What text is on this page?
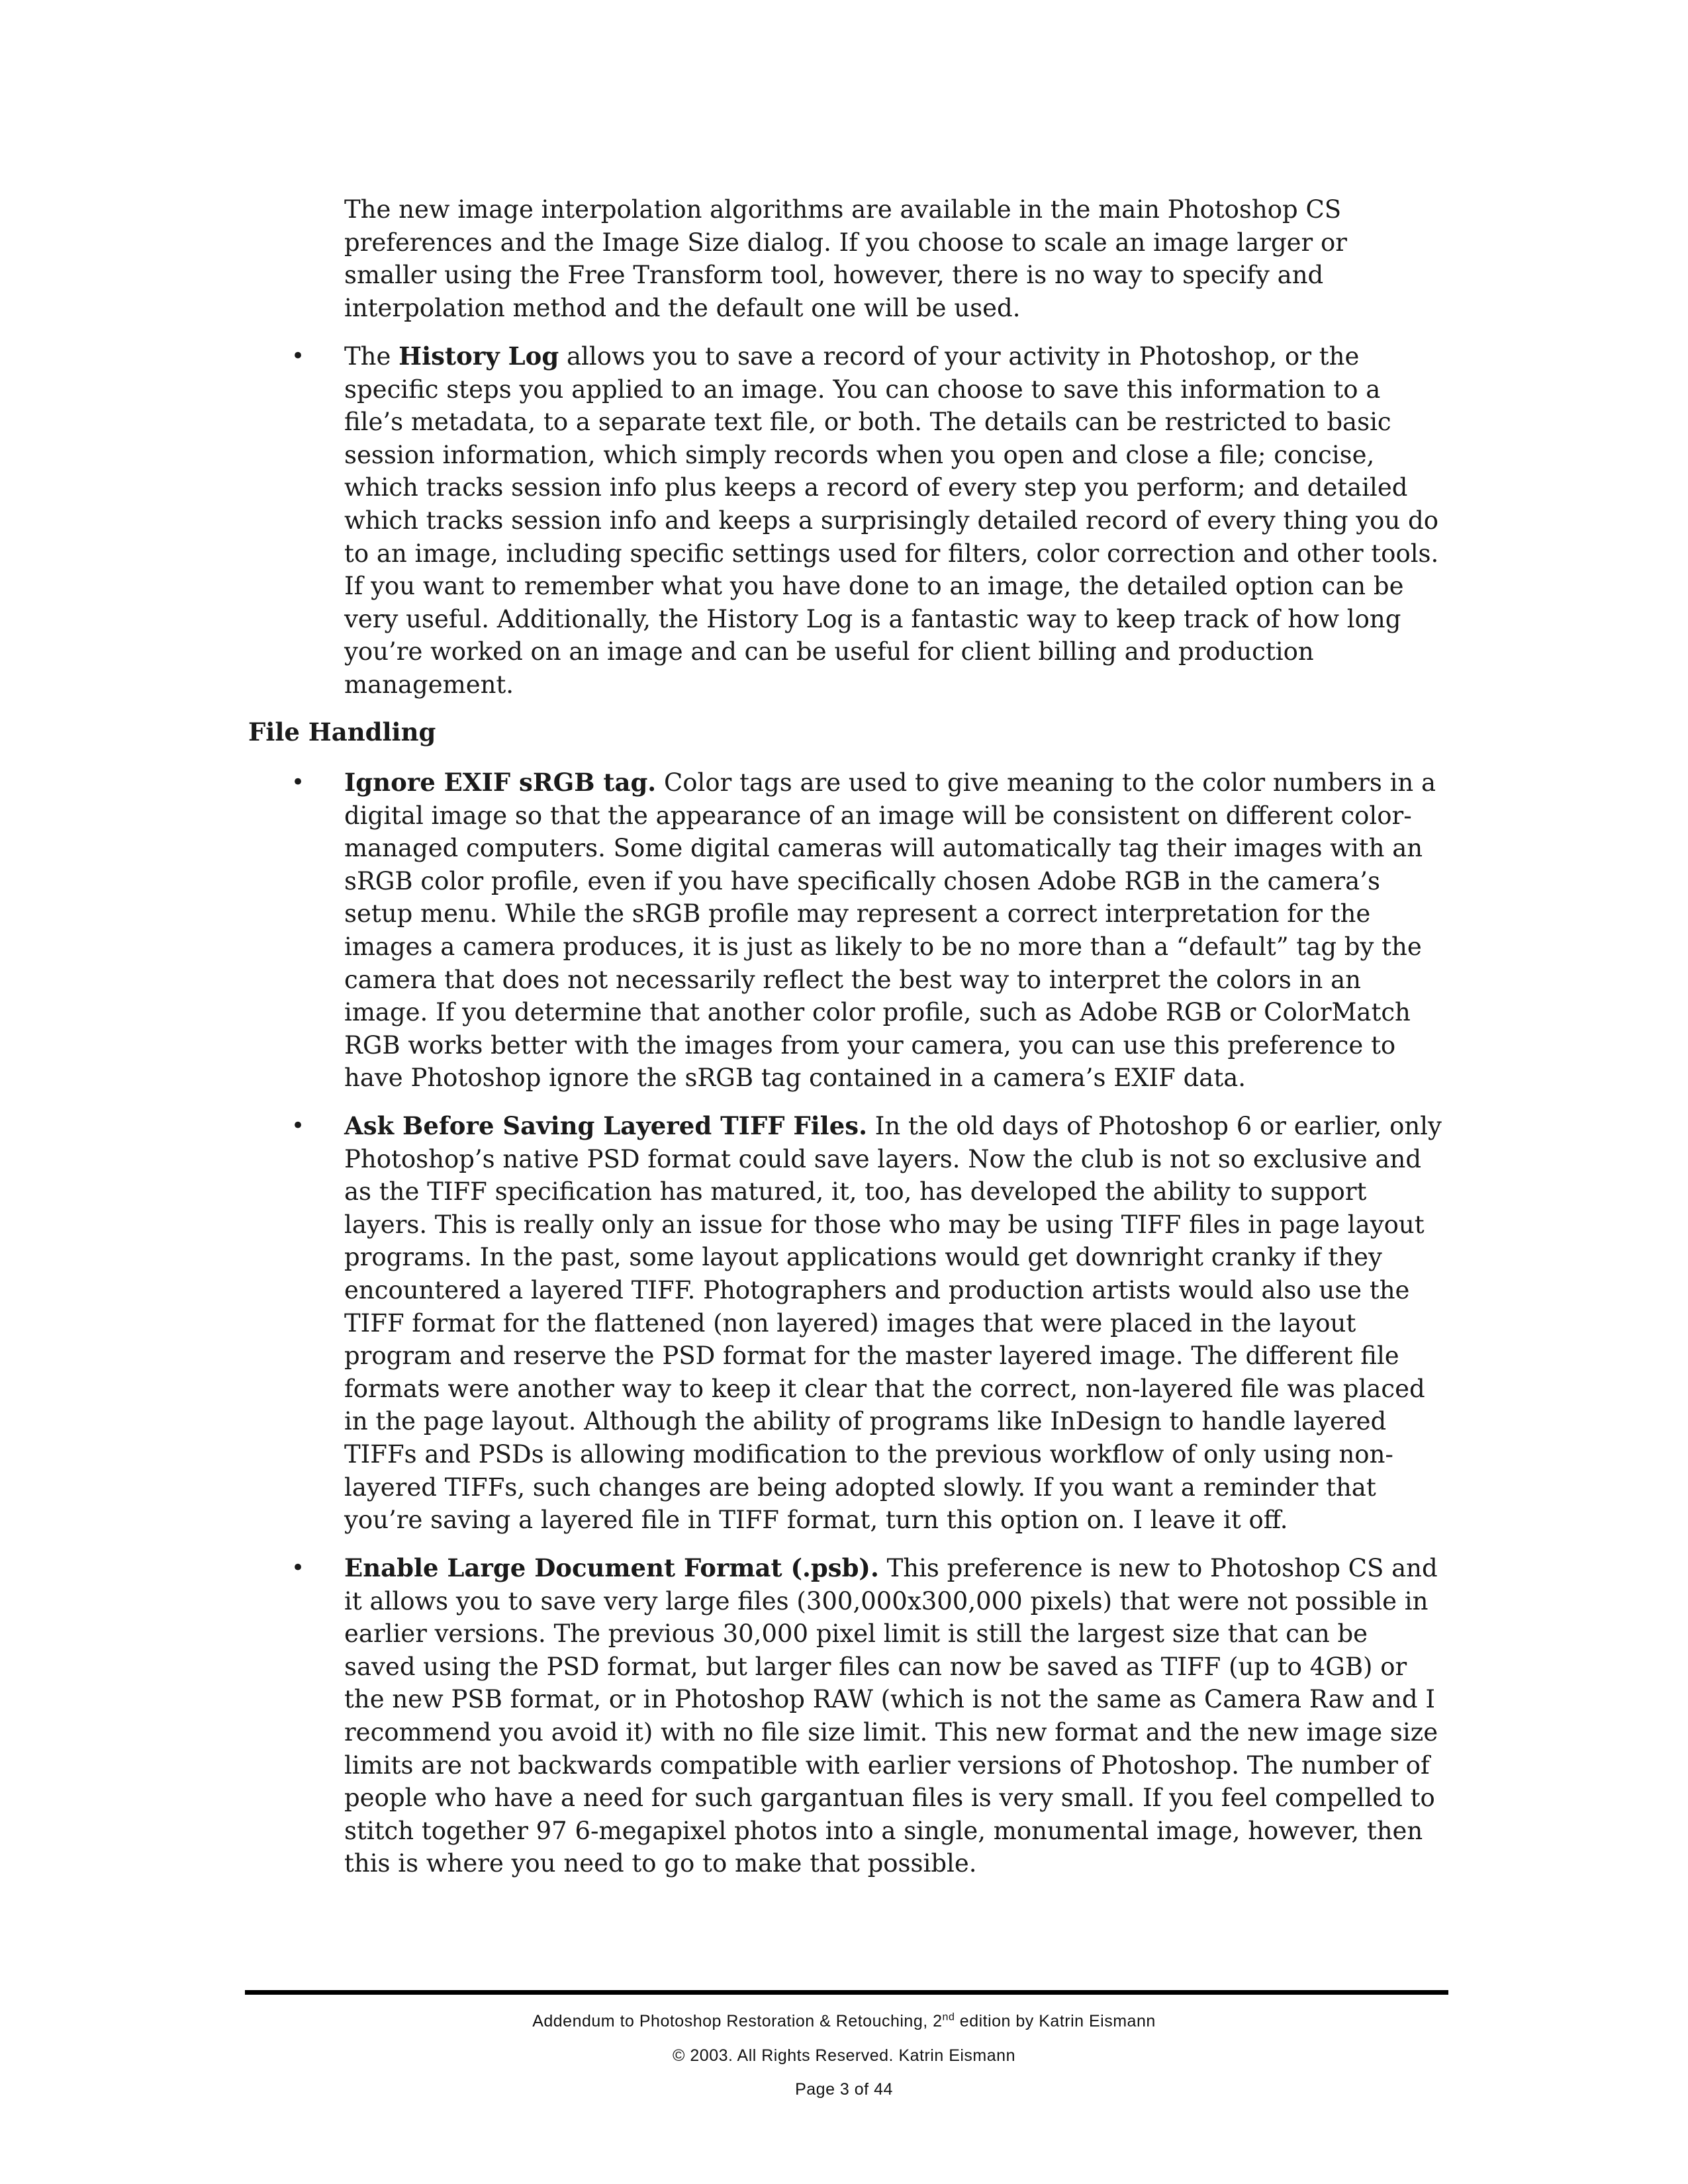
The new image interpolation algorithms are available in the main Photoshop CS preferences and the Image Size dialog. If you choose to scale an image larger or smaller using the Free Transform tool, however, there is no way to specify and interpolation method and the default one will be used.

• The History Log allows you to save a record of your activity in Photoshop, or the specific steps you applied to an image. You can choose to save this information to a file’s metadata, to a separate text file, or both. The details can be restricted to basic session information, which simply records when you open and close a file; concise, which tracks session info plus keeps a record of every step you perform; and detailed which tracks session info and keeps a surprisingly detailed record of every thing you do to an image, including specific settings used for filters, color correction and other tools. If you want to remember what you have done to an image, the detailed option can be very useful. Additionally, the History Log is a fantastic way to keep track of how long you’re worked on an image and can be useful for client billing and production management.

File Handling

• Ignore EXIF sRGB tag. Color tags are used to give meaning to the color numbers in a digital image so that the appearance of an image will be consistent on different color-managed computers. Some digital cameras will automatically tag their images with an sRGB color profile, even if you have specifically chosen Adobe RGB in the camera’s setup menu. While the sRGB profile may represent a correct interpretation for the images a camera produces, it is just as likely to be no more than a “default” tag by the camera that does not necessarily reflect the best way to interpret the colors in an image. If you determine that another color profile, such as Adobe RGB or ColorMatch RGB works better with the images from your camera, you can use this preference to have Photoshop ignore the sRGB tag contained in a camera’s EXIF data.

• Ask Before Saving Layered TIFF Files. In the old days of Photoshop 6 or earlier, only Photoshop’s native PSD format could save layers. Now the club is not so exclusive and as the TIFF specification has matured, it, too, has developed the ability to support layers. This is really only an issue for those who may be using TIFF files in page layout programs. In the past, some layout applications would get downright cranky if they encountered a layered TIFF. Photographers and production artists would also use the TIFF format for the flattened (non layered) images that were placed in the layout program and reserve the PSD format for the master layered image. The different file formats were another way to keep it clear that the correct, non-layered file was placed in the page layout. Although the ability of programs like InDesign to handle layered TIFFs and PSDs is allowing modification to the previous workflow of only using non-layered TIFFs, such changes are being adopted slowly. If you want a reminder that you’re saving a layered file in TIFF format, turn this option on. I leave it off.

• Enable Large Document Format (.psb). This preference is new to Photoshop CS and it allows you to save very large files (300,000x300,000 pixels) that were not possible in earlier versions. The previous 30,000 pixel limit is still the largest size that can be saved using the PSD format, but larger files can now be saved as TIFF (up to 4GB) or the new PSB format, or in Photoshop RAW (which is not the same as Camera Raw and I recommend you avoid it) with no file size limit. This new format and the new image size limits are not backwards compatible with earlier versions of Photoshop. The number of people who have a need for such gargantuan files is very small. If you feel compelled to stitch together 97 6-megapixel photos into a single, monumental image, however, then this is where you need to go to make that possible.

Addendum to Photoshop Restoration & Retouching, 2nd edition by Katrin Eismann
© 2003. All Rights Reserved. Katrin Eismann
Page 3 of 44
